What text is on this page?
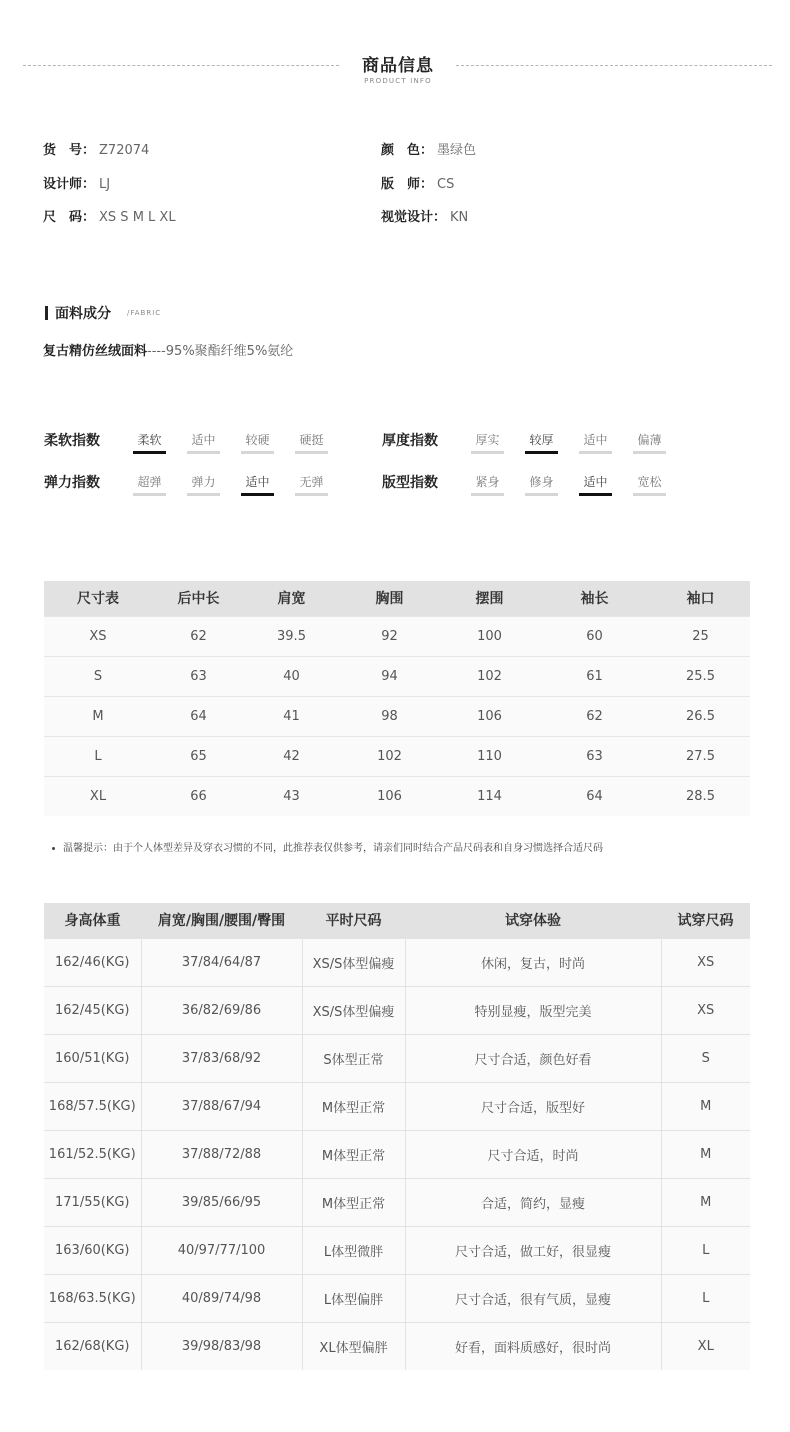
商品信息
PRODUCT INFO
货　号： Z72074	颜　色： 墨绿色
设计师： LJ	版　师： CS
尺　码： XS S M L XL	视觉设计： KN
面料成分 /FABRIC
复古精仿丝绒面料----95%聚酯纤维5%氨纶
柔软指数	柔软	适中	较硬	硬挺	厚度指数	厚实	较厚	适中	偏薄
弹力指数	超弹	弹力	适中	无弹	版型指数	紧身	修身	适中	宽松
尺寸表	后中长	肩宽	胸围	摆围	袖长	袖口
XS	62	39.5	92	100	60	25
S	63	40	94	102	61	25.5
M	64	41	98	106	62	26.5
L	65	42	102	110	63	27.5
XL	66	43	106	114	64	28.5
温馨提示：由于个人体型差异及穿衣习惯的不同，此推荐表仅供参考，请亲们同时结合产品尺码表和自身习惯选择合适尺码
身高体重	肩宽/胸围/腰围/臀围	平时尺码	试穿体验	试穿尺码
162/46(KG)	37/84/64/87	XS/S体型偏瘦	休闲，复古，时尚	XS
162/45(KG)	36/82/69/86	XS/S体型偏瘦	特别显瘦，版型完美	XS
160/51(KG)	37/83/68/92	S体型正常	尺寸合适，颜色好看	S
168/57.5(KG)	37/88/67/94	M体型正常	尺寸合适，版型好	M
161/52.5(KG)	37/88/72/88	M体型正常	尺寸合适，时尚	M
171/55(KG)	39/85/66/95	M体型正常	合适，简约，显瘦	M
163/60(KG)	40/97/77/100	L体型微胖	尺寸合适，做工好，很显瘦	L
168/63.5(KG)	40/89/74/98	L体型偏胖	尺寸合适，很有气质，显瘦	L
162/68(KG)	39/98/83/98	XL体型偏胖	好看，面料质感好，很时尚	XL
